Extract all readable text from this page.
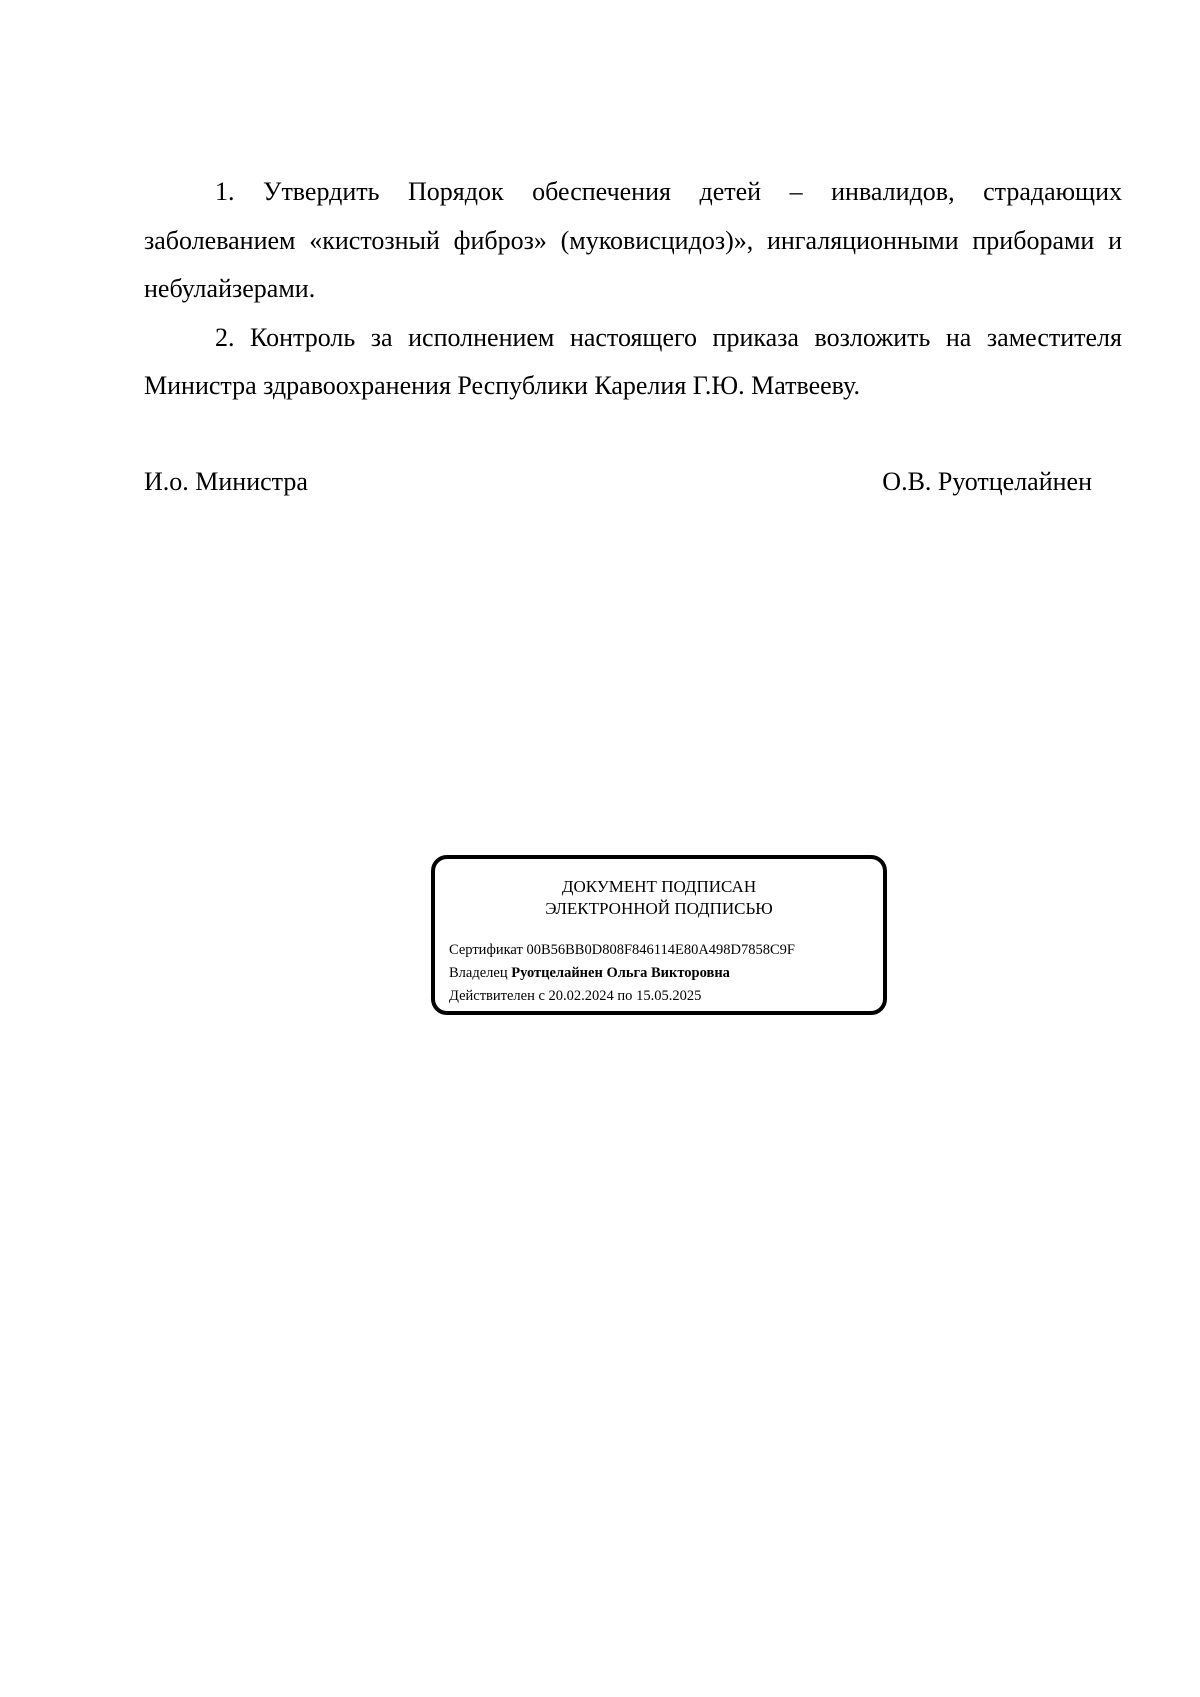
1. Утвердить Порядок обеспечения детей – инвалидов, страдающих заболеванием «кистозный фиброз» (муковисцидоз)», ингаляционными приборами и небулайзерами.

2. Контроль за исполнением настоящего приказа возложить на заместителя Министра здравоохранения Республики Карелия Г.Ю. Матвееву.

И.о. Министра	О.В. Руотцелайнен
ДОКУМЕНТ ПОДПИСАН
ЭЛЕКТРОННОЙ ПОДПИСЬЮ
Сертификат 00B56BB0D808F846114E80A498D7858C9F
Владелец Руотцелайнен Ольга Викторовна
Действителен с 20.02.2024 по 15.05.2025
